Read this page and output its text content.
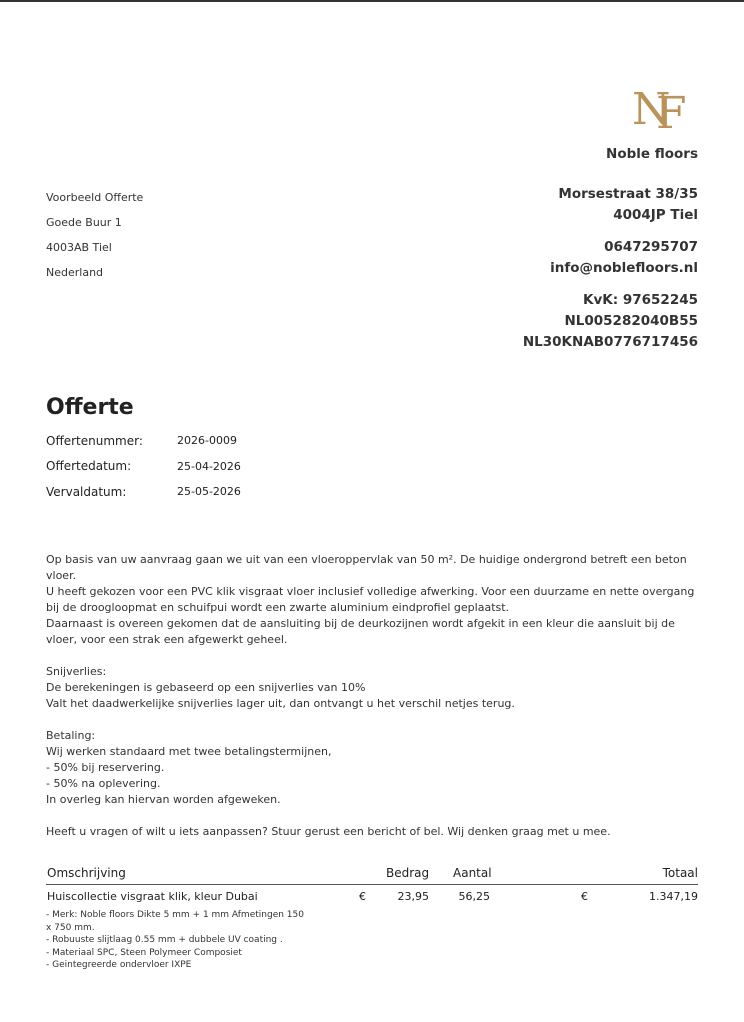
N
F
Noble floors
Morsestraat 38/35
4004JP Tiel
0647295707
info@noblefloors.nl
KvK: 97652245
NL005282040B55
NL30KNAB0776717456
Voorbeeld Offerte
Goede Buur 1
4003AB Tiel
Nederland
Offerte
Offertenummer:	2026-0009
Offertedatum:	25-04-2026
Vervaldatum:	25-05-2026

Op basis van uw aanvraag gaan we uit van een vloeroppervlak van 50 m². De huidige ondergrond betreft een beton vloer.
U heeft gekozen voor een PVC klik visgraat vloer inclusief volledige afwerking. Voor een duurzame en nette overgang bij de droogloopmat en schuifpui wordt een zwarte aluminium eindprofiel geplaatst.
Daarnaast is overeen gekomen dat de aansluiting bij de deurkozijnen wordt afgekit in een kleur die aansluit bij de vloer, voor een strak een afgewerkt geheel.

Snijverlies:
De berekeningen is gebaseerd op een snijverlies van 10%
Valt het daadwerkelijke snijverlies lager uit, dan ontvangt u het verschil netjes terug.

Betaling:
Wij werken standaard met twee betalingstermijnen,
- 50% bij reservering.
- 50% na oplevering.
In overleg kan hiervan worden afgeweken.

Heeft u vragen of wilt u iets aanpassen? Stuur gerust een bericht of bel. Wij denken graag met u mee.

Omschrijving	Bedrag Aantal	Totaal
Huiscollectie visgraat klik, kleur Dubai	€	23,95	56,25	€	1.347,19
- Merk: Noble floors Dikte 5 mm + 1 mm Afmetingen 150 x 750 mm.
- Robuuste slijtlaag 0.55 mm + dubbele UV coating .
- Materiaal SPC, Steen Polymeer Composiet
- Geintegreerde ondervloer IXPE
